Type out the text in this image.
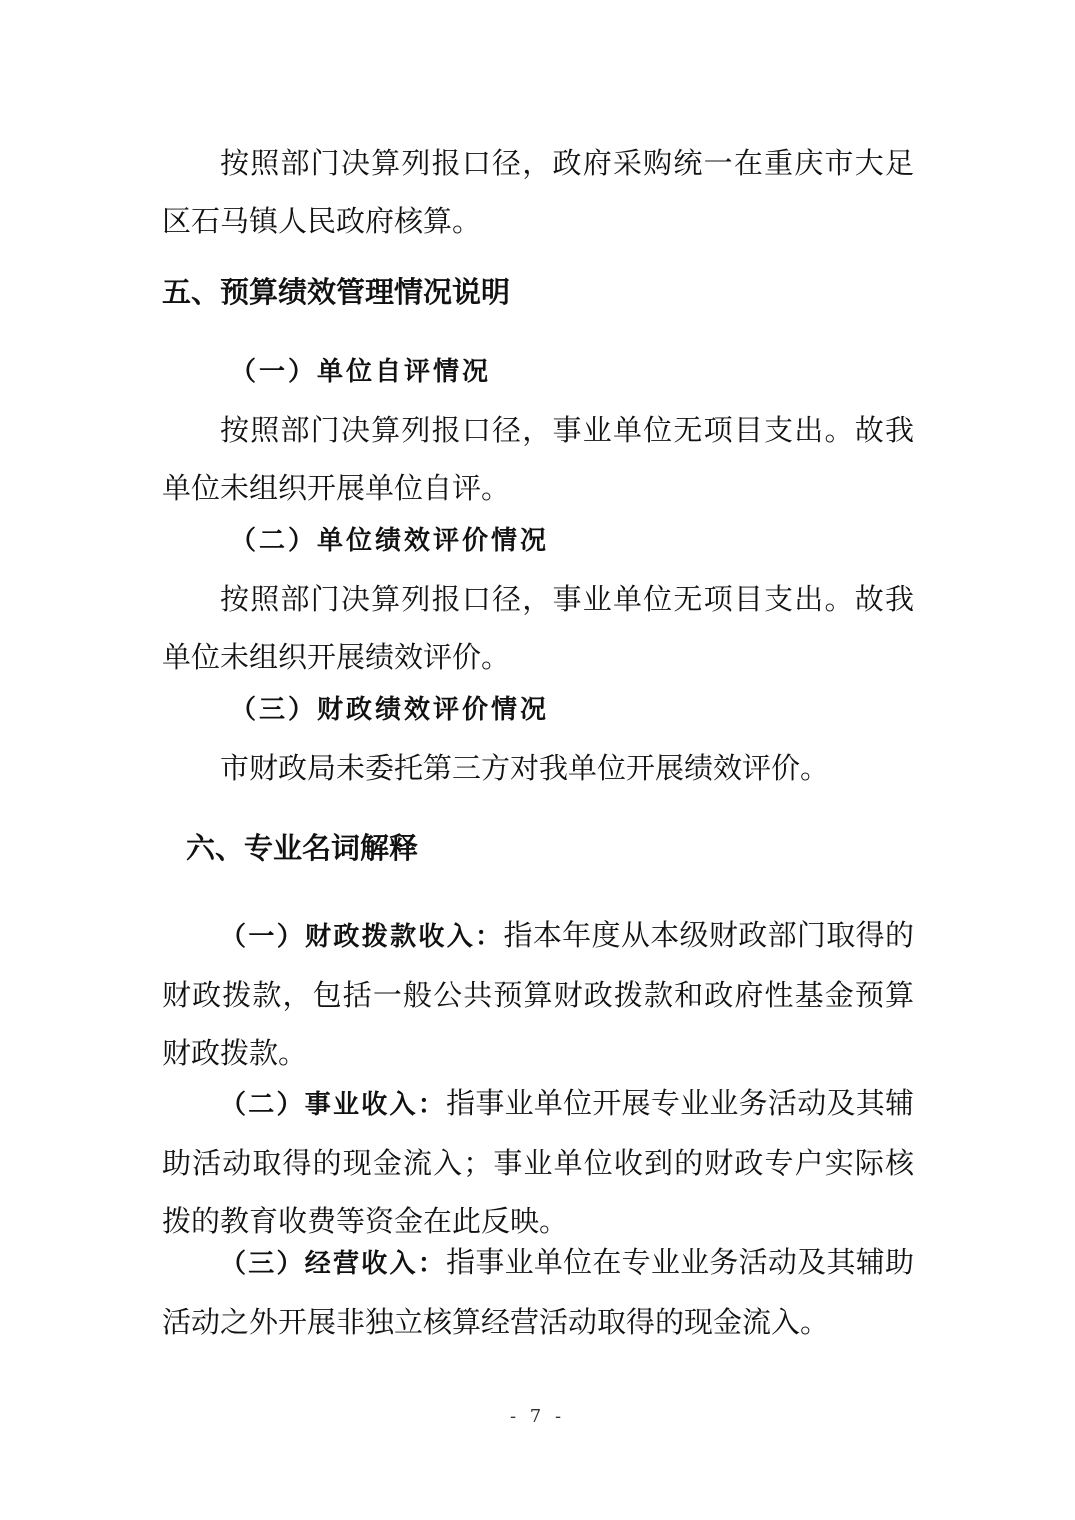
按照部门决算列报口径，政府采购统一在重庆市大足区石马镇人民政府核算。

五、预算绩效管理情况说明
（一）单位自评情况

按照部门决算列报口径，事业单位无项目支出。故我单位未组织开展单位自评。

（二）单位绩效评价情况

按照部门决算列报口径，事业单位无项目支出。故我单位未组织开展绩效评价。

（三）财政绩效评价情况

市财政局未委托第三方对我单位开展绩效评价。

六、专业名词解释

（一）财政拨款收入：指本年度从本级财政部门取得的财政拨款，包括一般公共预算财政拨款和政府性基金预算财政拨款。

（二）事业收入：指事业单位开展专业业务活动及其辅助活动取得的现金流入；事业单位收到的财政专户实际核拨的教育收费等资金在此反映。

（三）经营收入：指事业单位在专业业务活动及其辅助活动之外开展非独立核算经营活动取得的现金流入。

- 7 -
